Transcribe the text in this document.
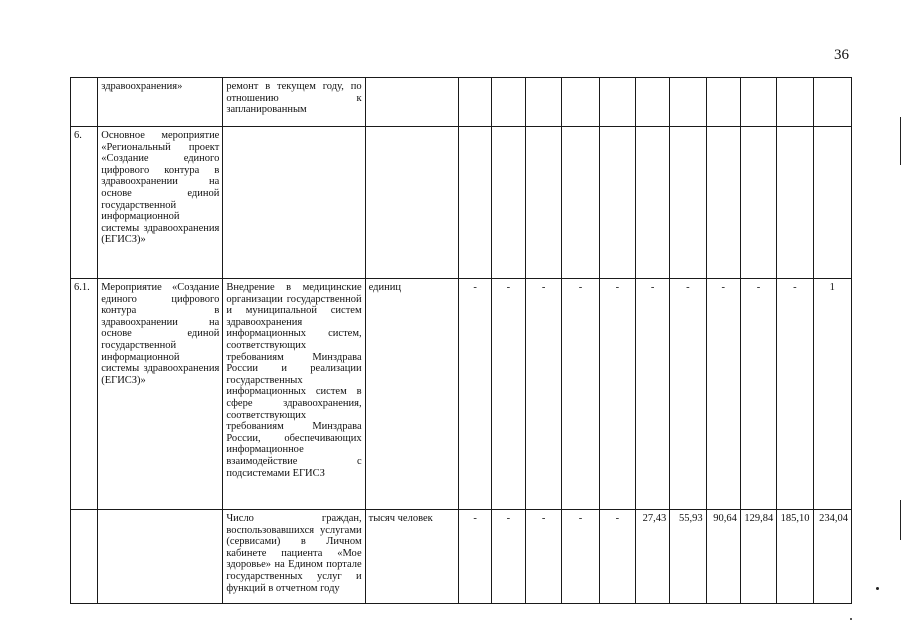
36
	здравоохранения»	ремонт в текущем году, по отношению к запланированным												
6.	Основное мероприятие «Региональный проект «Создание единого цифрового контура в здравоохранении на основе единой государственной информационной системы здравоохранения (ЕГИСЗ)»													
6.1.	Мероприятие «Создание единого цифрового контура в здравоохранении на основе единой государственной информационной системы здравоохранения (ЕГИСЗ)»	Внедрение в медицинские организации государственной и муниципальной систем здравоохранения информационных систем, соответствующих требованиям Минздрава России и реализации государственных информационных систем в сфере здравоохранения, соответствующих требованиям Минздрава России, обеспечивающих информационное взаимодействие с подсистемами ЕГИСЗ	единиц	-	-	-	-	-	-	-	-	-	-	1
		Число граждан, воспользовавшихся услугами (сервисами) в Личном кабинете пациента «Мое здоровье» на Едином портале государственных услуг и функций в отчетном году	тысяч человек	-	-	-	-	-	27,43	55,93	90,64	129,84	185,10	234,04
